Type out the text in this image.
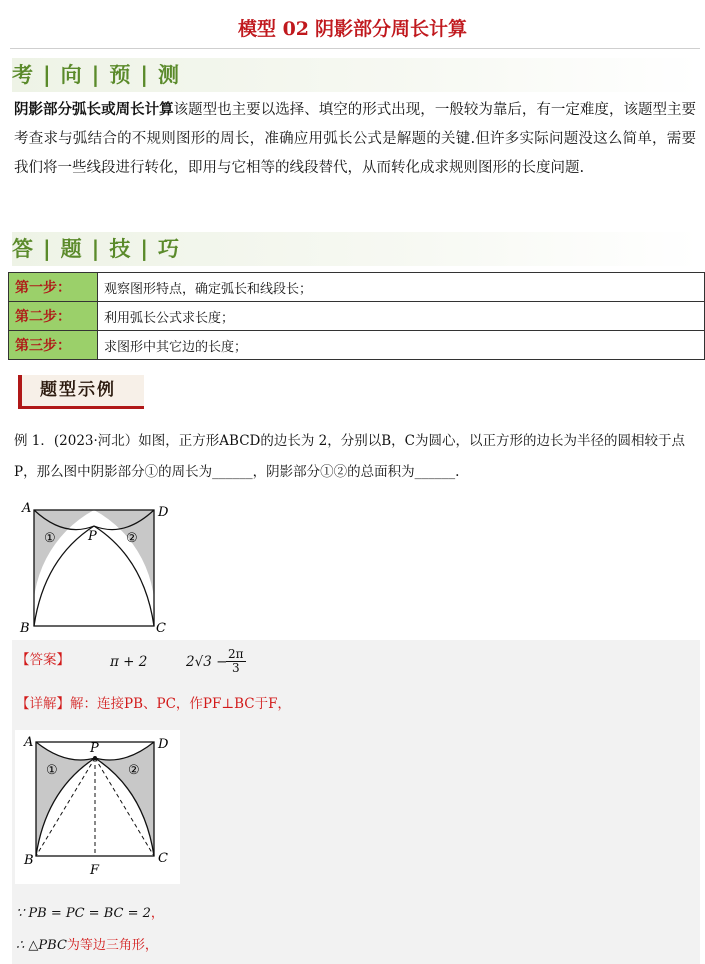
模型 02 阴影部分周长计算
考 | 向 | 预 | 测
阴影部分弧长或周长计算该题型也主要以选择、填空的形式出现，一般较为靠后，有一定难度，该题型主要考查求与弧结合的不规则图形的周长，准确应用弧长公式是解题的关键.但许多实际问题没这么简单，需要我们将一些线段进行转化，即用与它相等的线段替代，从而转化成求规则图形的长度问题.
答 | 题 | 技 | 巧
第一步：	观察图形特点，确定弧长和线段长；
第二步：	利用弧长公式求长度；
第三步：	求图形中其它边的长度；
题型示例
例 1．(2023·河北）如图，正方形ABCD的边长为 2，分别以B，C为圆心，以正方形的边长为半径的圆相较于点P，那么图中阴影部分①的周长为______，阴影部分①②的总面积为______.
A	D
B	C
P
①	②
【答案】	π + 2	2√3 −
$\frac{2\pi}{3}$
【详解】解：连接PB、PC，作PF⊥BC于F，
A	D
B	C
P
F
①	②
∵ PB = PC = BC = 2，
∴ △PBC为等边三角形，
